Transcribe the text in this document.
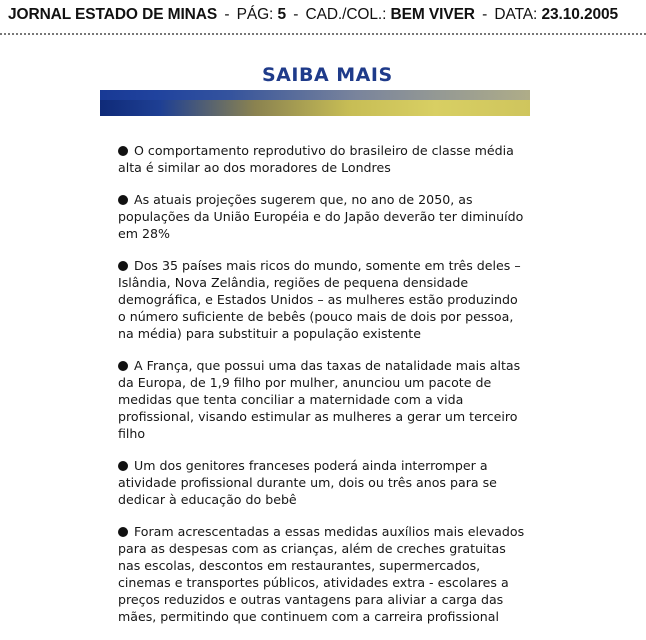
JORNAL ESTADO DE MINAS - PÁG: 5 - CAD./COL.: BEM VIVER - DATA: 23.10.2005
SAIBA MAIS

O comportamento reprodutivo do brasileiro de classe média alta é similar ao dos moradores de Londres

As atuais projeções sugerem que, no ano de 2050, as populações da União Européia e do Japão deverão ter diminuído em 28%

Dos 35 países mais ricos do mundo, somente em três deles – Islândia, Nova Zelândia, regiões de pequena densidade demográfica, e Estados Unidos – as mulheres estão produzindo o número suficiente de bebês (pouco mais de dois por pessoa, na média) para substituir a população existente

A França, que possui uma das taxas de natalidade mais altas da Europa, de 1,9 filho por mulher, anunciou um pacote de medidas que tenta conciliar a maternidade com a vida profissional, visando estimular as mulheres a gerar um terceiro filho

Um dos genitores franceses poderá ainda interromper a atividade profissional durante um, dois ou três anos para se dedicar à educação do bebê

Foram acrescentadas a essas medidas auxílios mais elevados para as despesas com as crianças, além de creches gratuitas nas escolas, descontos em restaurantes, supermercados, cinemas e transportes públicos, atividades extra - escolares a preços reduzidos e outras vantagens para aliviar a carga das mães, permitindo que continuem com a carreira profissional
